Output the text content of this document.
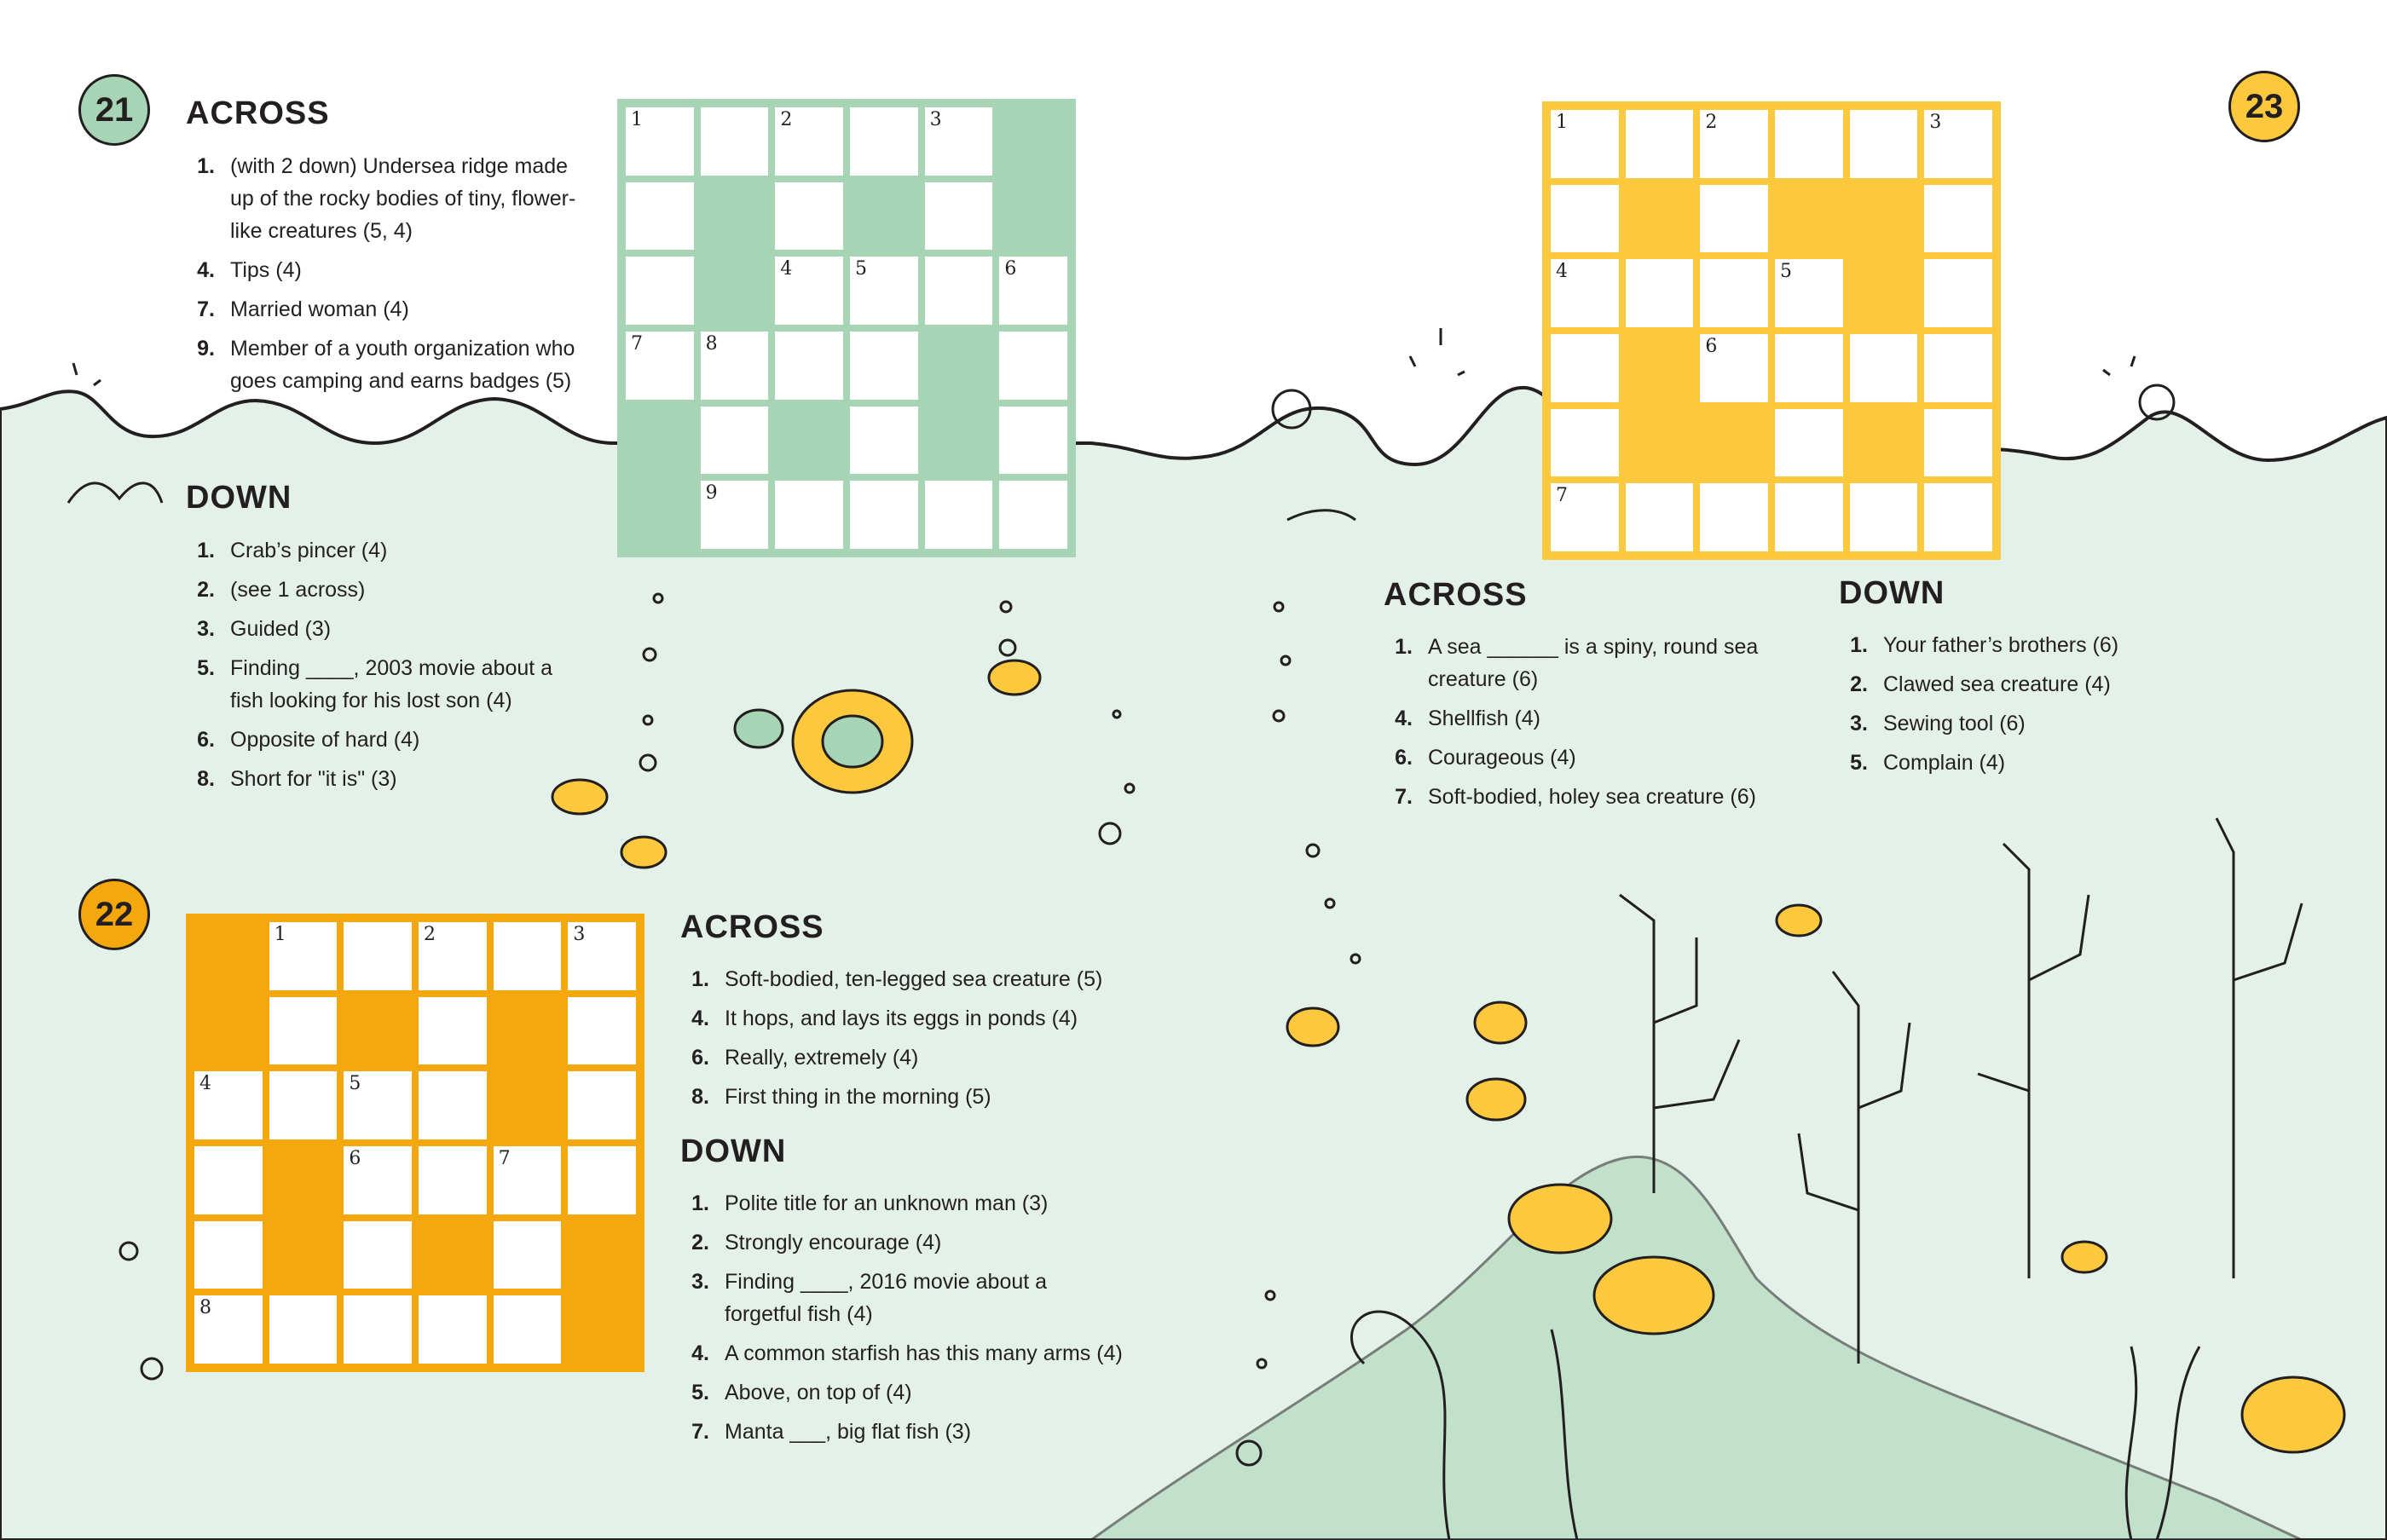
21
22
23
ACROSS
1. (with 2 down) Undersea ridge made up of the rocky bodies of tiny, flower-like creatures (5, 4)
4. Tips (4)
7. Married woman (4)
9. Member of a youth organization who goes camping and earns badges (5)
DOWN
1. Crab’s pincer (4)
2. (see 1 across)
3. Guided (3)
5. Finding ____, 2003 movie about a fish looking for his lost son (4)
6. Opposite of hard (4)
8. Short for "it is" (3)
1	2	3
4	5	6
7	8
9
1	2	3
4	5
6	7
8
1	2	3
4	5
6
7
ACROSS
1. Soft-bodied, ten-legged sea creature (5)
4. It hops, and lays its eggs in ponds (4)
6. Really, extremely (4)
8. First thing in the morning (5)
DOWN
1. Polite title for an unknown man (3)
2. Strongly encourage (4)
3. Finding ____, 2016 movie about a forgetful fish (4)
4. A common starfish has this many arms (4)
5. Above, on top of (4)
7. Manta ___, big flat fish (3)
ACROSS
1. A sea ______ is a spiny, round sea creature (6)
4. Shellfish (4)
6. Courageous (4)
7. Soft-bodied, holey sea creature (6)
DOWN
1. Your father’s brothers (6)
2. Clawed sea creature (4)
3. Sewing tool (6)
5. Complain (4)
